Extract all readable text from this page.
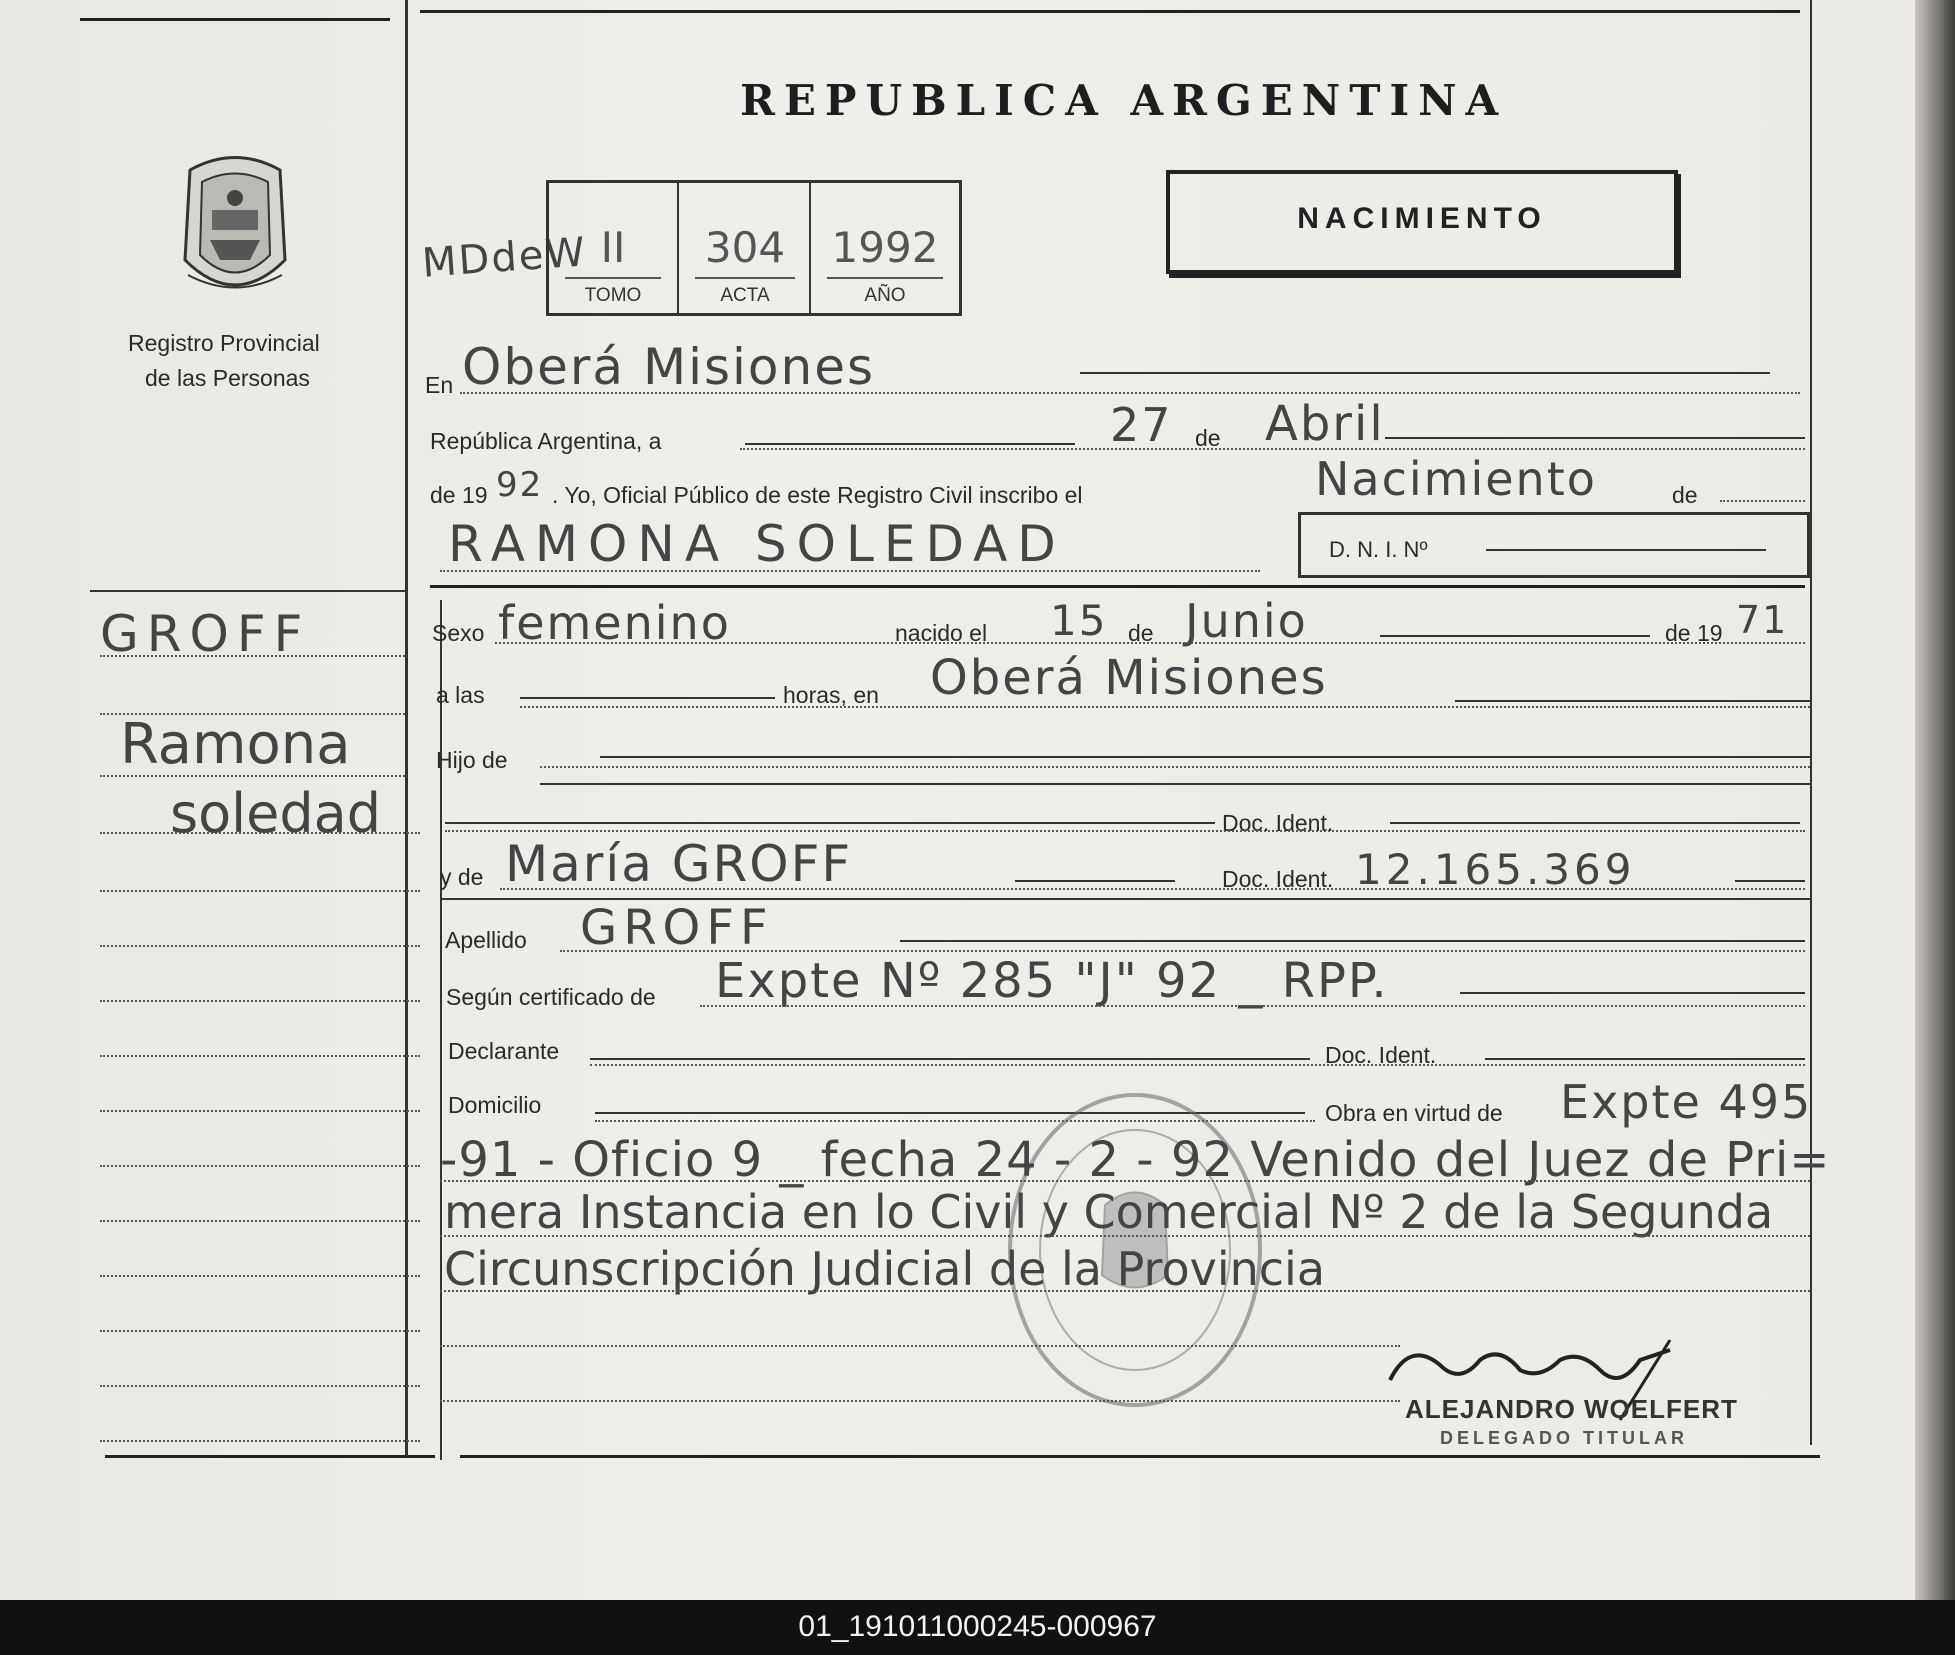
Registro Provincial
de las Personas
REPUBLICA ARGENTINA
MDdeW II
TOMO
304
ACTA
1992
AÑO
NACIMIENTO
En Oberá Misiones
República Argentina, a	27 de Abril
de 19 92 . Yo, Oficial Público de este Registro Civil inscribo el	Nacimiento	de
RAMONA SOLEDAD	D. N. I. Nº
GROFF
Ramona
soledad
Sexo femenino	nacido el 15 de Junio	de 19 71
a las	horas, en Oberá Misiones
Hijo de
Doc. Ident.
y de María GROFF	Doc. Ident. 12.165.369
Apellido GROFF
Según certificado de Expte Nº 285 "J" 92 _ RPP.
Declarante	Doc. Ident.
Domicilio	Obra en virtud de Expte 495
-91 - Oficio 9 _ fecha 24 - 2 - 92 Venido del Juez de Pri=
mera Instancia en lo Civil y Comercial Nº 2 de la Segunda
Circunscripción Judicial de la Provincia
ALEJANDRO WOELFERT
DELEGADO TITULAR
01_191011000245-000967
